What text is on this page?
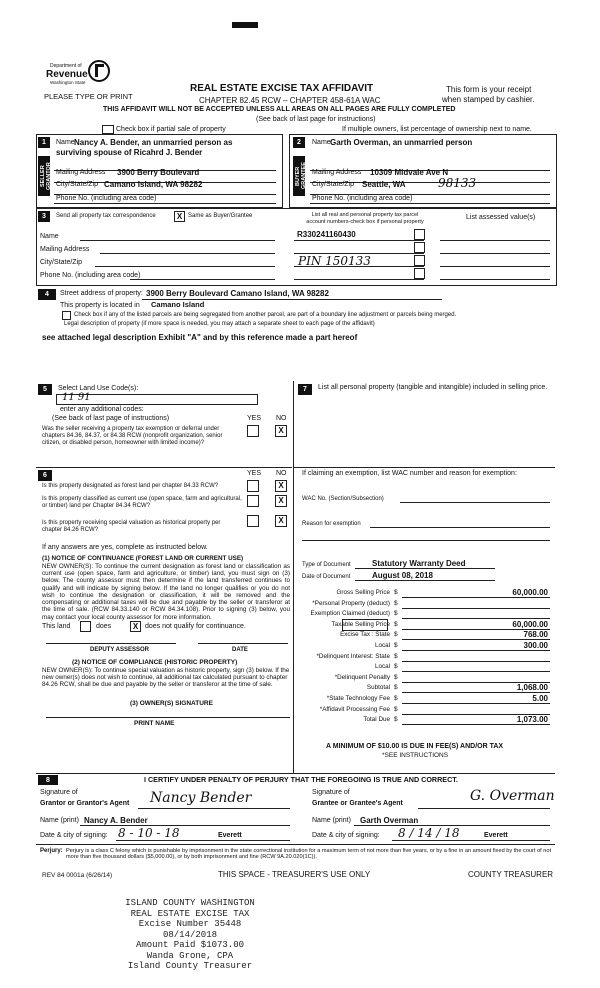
Department of
Revenue
Washington State
PLEASE TYPE OR PRINT
REAL ESTATE EXCISE TAX AFFIDAVIT
CHAPTER 82.45 RCW – CHAPTER 458-61A WAC
This form is your receipt
when stamped by cashier.
THIS AFFIDAVIT WILL NOT BE ACCEPTED UNLESS ALL AREAS ON ALL PAGES ARE FULLY COMPLETED
(See back of last page for instructions)
Check box if partial sale of property	If multiple owners, list percentage of ownership next to name.
1
SELLER GRANTOR
Name Nancy A. Bender, an unmarried person as
surviving spouse of Ricahrd J. Bender
Mailing Address 3900 Berry Boulevard
City/State/Zip Camano Island, WA 98282
Phone No. (including area code)
2
BUYER GRANTEE
Name Garth Overman, an unmarried person
Mailing Address 10309 Midvale Ave N
City/State/Zip Seattle, WA	98133
Phone No. (including area code)
3	Send all property tax correspondence	X Same as Buyer/Grantee
Name
Mailing Address
City/State/Zip
Phone No. (including area code)
List all real and personal property tax parcel
account numbers-check box if personal property
R330241160430
PIN 150133
List assessed value(s)
4	Street address of property: 3900 Berry Boulevard Camano Island, WA 98282
This property is located in Camano Island
Check box if any of the listed parcels are being segregated from another parcel, are part of a boundary line adjustment or parcels being merged.
Legal description of property (if more space is needed, you may attach a separate sheet to each page of the affidavit)
see attached legal description Exhibit "A" and by this reference made a part hereof
5	Select Land Use Code(s):
11 91
enter any additional codes:
(See back of last page of instructions)	YES NO
Was the seller receiving a property tax exemption or deferral under chapters 84.36, 84.37, or 84.38 RCW (nonprofit organization, senior citizen, or disabled person, homeowner with limited income)?
X
6	YES NO
Is this property designated as forest land per chapter 84.33 RCW?	X
Is this property classified as current use (open space, farm and agricultural, or timber) land per Chapter 84.34 RCW?
X
Is this property receiving special valuation as historical property per chapter 84.26 RCW?
X
If any answers are yes, complete as instructed below.
(1) NOTICE OF CONTINUANCE (FOREST LAND OR CURRENT USE)
NEW OWNER(S): To continue the current designation as forest land or classification as current use (open space, farm and agriculture, or timber) land, you must sign on (3) below. The county assessor must then determine if the land transferred continues to qualify and will indicate by signing below. If the land no longer qualifies or you do not wish to continue the designation or classification, it will be removed and the compensating or additional taxes will be due and payable by the seller or transferor at the time of sale. (RCW 84.33.140 or RCW 84.34.108). Prior to signing (3) below, you may contact your local county assessor for more information.
This land	does	X does not qualify for continuance.
DEPUTY ASSESSOR	DATE
(2) NOTICE OF COMPLIANCE (HISTORIC PROPERTY)
NEW OWNER(S): To continue special valuation as historic property, sign (3) below. If the new owner(s) does not wish to continue, all additional tax calculated pursuant to chapter 84.26 RCW, shall be due and payable by the seller or transferor at the time of sale.
(3) OWNER(S) SIGNATURE
PRINT NAME
7	List all personal property (tangible and intangible) included in selling price.
If claiming an exemption, list WAC number and reason for exemption:
WAC No. (Section/Subsection)
Reason for exemption
Type of Document	Statutory Warranty Deed
Date of Document	August 08, 2018
Gross Selling Price $	60,000.00
*Personal Property (deduct) $
Exemption Claimed (deduct) $
Taxable Selling Price $	60,000.00
Excise Tax : State $	768.00
Local $	300.00
*Delinquent Interest: State $
Local $
*Delinquent Penalty $
Subtotal $	1,068.00
*State Technology Fee $	5.00
*Affidavit Processing Fee $
Total Due $	1,073.00
A MINIMUM OF $10.00 IS DUE IN FEE(S) AND/OR TAX
*SEE INSTRUCTIONS
8	I CERTIFY UNDER PENALTY OF PERJURY THAT THE FOREGOING IS TRUE AND CORRECT.
Signature of
Grantor or Grantor's Agent Nancy Bender
Name (print) Nancy A. Bender
Date & city of signing: 8 - 10 - 18	Everett
Signature of
Grantee or Grantee's Agent	G. Overman
Name (print) Garth Overman
Date & city of signing: 8 / 14 / 18	Everett
Perjury: Perjury is a class C felony which is punishable by imprisonment in the state correctional institution for a maximum term of not more than five years, or by a fine in an amount fixed by the court of not more than five thousand dollars ($5,000.00), or by both imprisonment and fine (RCW 9A.20.020(1C)).
REV 84 0001a (6/26/14)	THIS SPACE - TREASURER'S USE ONLY	COUNTY TREASURER
ISLAND COUNTY WASHINGTON
REAL ESTATE EXCISE TAX
Excise Number 35448
08/14/2018
Amount Paid $1073.00
Wanda Grone, CPA
Island County Treasurer
